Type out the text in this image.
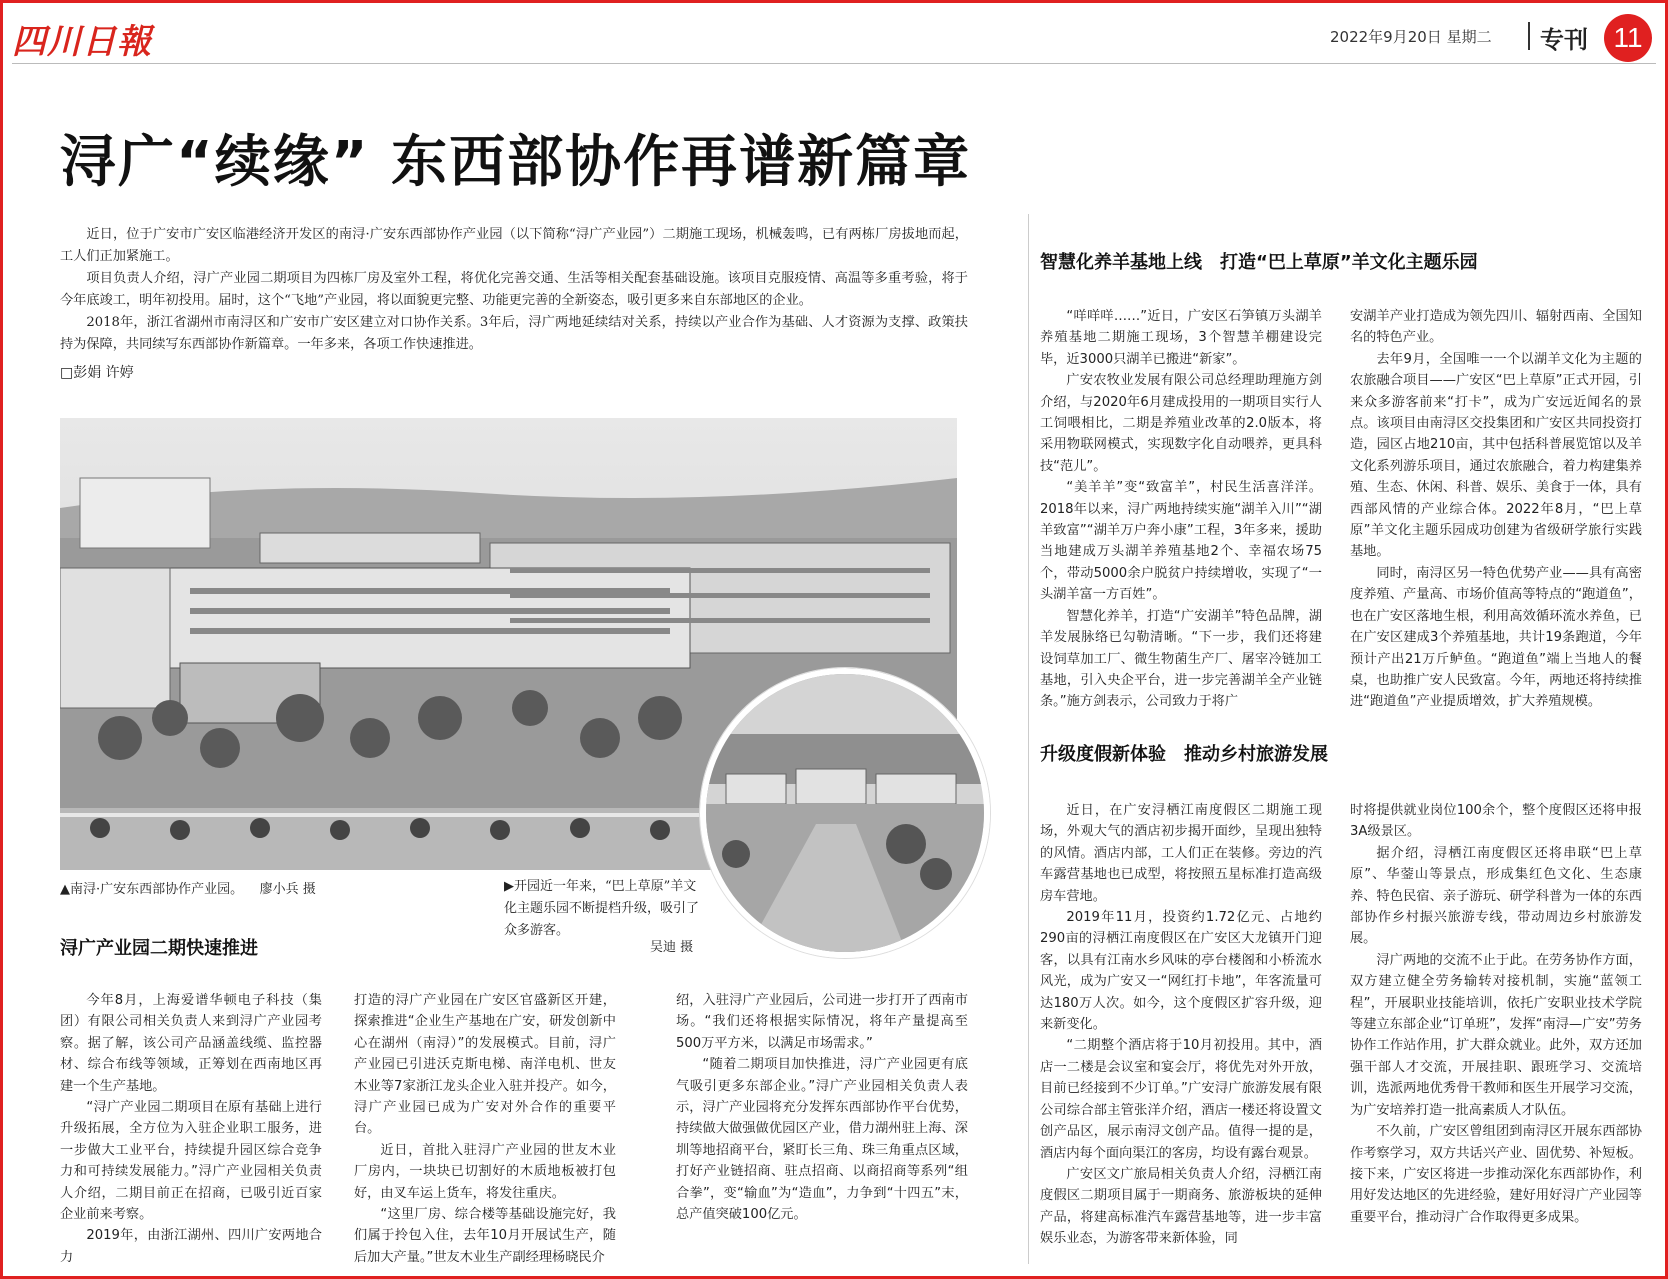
四川日報	2022年9月20日 星期二 专刊 11
浔广“续缘” 东西部协作再谱新篇章

近日，位于广安市广安区临港经济开发区的南浔·广安东西部协作产业园（以下简称“浔广产业园”）二期施工现场，机械轰鸣，已有两栋厂房拔地而起，工人们正加紧施工。

项目负责人介绍，浔广产业园二期项目为四栋厂房及室外工程，将优化完善交通、生活等相关配套基础设施。该项目克服疫情、高温等多重考验，将于今年底竣工，明年初投用。届时，这个“飞地”产业园，将以面貌更完整、功能更完善的全新姿态，吸引更多来自东部地区的企业。

2018年，浙江省湖州市南浔区和广安市广安区建立对口协作关系。3年后，浔广两地延续结对关系，持续以产业合作为基础、人才资源为支撑、政策扶持为保障，共同续写东西部协作新篇章。一年多来，各项工作快速推进。

□彭娟 许婷
▲南浔·广安东西部协作产业园。 廖小兵 摄	▶开园近一年来，“巴上草原”羊文化主题乐园不断提档升级，吸引了众多游客。
吴迪 摄
浔广产业园二期快速推进

今年8月，上海爱谱华顿电子科技（集团）有限公司相关负责人来到浔广产业园考察。据了解，该公司产品涵盖线缆、监控器材、综合布线等领域，正筹划在西南地区再建一个生产基地。

“浔广产业园二期项目在原有基础上进行升级拓展，全方位为入驻企业职工服务，进一步做大工业平台，持续提升园区综合竞争力和可持续发展能力。”浔广产业园相关负责人介绍，二期目前正在招商，已吸引近百家企业前来考察。

2019年，由浙江湖州、四川广安两地合力

打造的浔广产业园在广安区官盛新区开建，探索推进“企业生产基地在广安，研发创新中心在湖州（南浔）”的发展模式。目前，浔广产业园已引进沃克斯电梯、南洋电机、世友木业等7家浙江龙头企业入驻并投产。如今，浔广产业园已成为广安对外合作的重要平台。

近日，首批入驻浔广产业园的世友木业厂房内，一块块已切割好的木质地板被打包好，由叉车运上货车，将发往重庆。

“这里厂房、综合楼等基础设施完好，我们属于拎包入住，去年10月开展试生产，随后加大产量。”世友木业生产副经理杨晓民介

绍，入驻浔广产业园后，公司进一步打开了西南市场。“我们还将根据实际情况，将年产量提高至500万平方米，以满足市场需求。”

“随着二期项目加快推进，浔广产业园更有底气吸引更多东部企业。”浔广产业园相关负责人表示，浔广产业园将充分发挥东西部协作平台优势，持续做大做强做优园区产业，借力湖州驻上海、深圳等地招商平台，紧盯长三角、珠三角重点区域，打好产业链招商、驻点招商、以商招商等系列“组合拳”，变“输血”为“造血”，力争到“十四五”末，总产值突破100亿元。

智慧化养羊基地上线　打造“巴上草原”羊文化主题乐园

“咩咩咩……”近日，广安区石笋镇万头湖羊养殖基地二期施工现场，3个智慧羊棚建设完毕，近3000只湖羊已搬进“新家”。

广安农牧业发展有限公司总经理助理施方剑介绍，与2020年6月建成投用的一期项目实行人工饲喂相比，二期是养殖业改革的2.0版本，将采用物联网模式，实现数字化自动喂养，更具科技“范儿”。

“美羊羊”变“致富羊”，村民生活喜洋洋。2018年以来，浔广两地持续实施“湖羊入川”“湖羊致富”“湖羊万户奔小康”工程，3年多来，援助当地建成万头湖羊养殖基地2个、幸福农场75个，带动5000余户脱贫户持续增收，实现了“一头湖羊富一方百姓”。

智慧化养羊，打造“广安湖羊”特色品牌，湖羊发展脉络已勾勒清晰。“下一步，我们还将建设饲草加工厂、微生物菌生产厂、屠宰冷链加工基地，引入央企平台，进一步完善湖羊全产业链条。”施方剑表示，公司致力于将广

安湖羊产业打造成为领先四川、辐射西南、全国知名的特色产业。

去年9月，全国唯一一个以湖羊文化为主题的农旅融合项目——广安区“巴上草原”正式开园，引来众多游客前来“打卡”，成为广安远近闻名的景点。该项目由南浔区交投集团和广安区共同投资打造，园区占地210亩，其中包括科普展览馆以及羊文化系列游乐项目，通过农旅融合，着力构建集养殖、生态、休闲、科普、娱乐、美食于一体，具有西部风情的产业综合体。2022年8月，“巴上草原”羊文化主题乐园成功创建为省级研学旅行实践基地。

同时，南浔区另一特色优势产业——具有高密度养殖、产量高、市场价值高等特点的“跑道鱼”，也在广安区落地生根，利用高效循环流水养鱼，已在广安区建成3个养殖基地，共计19条跑道，今年预计产出21万斤鲈鱼。“跑道鱼”端上当地人的餐桌，也助推广安人民致富。今年，两地还将持续推进“跑道鱼”产业提质增效，扩大养殖规模。

升级度假新体验　推动乡村旅游发展

近日，在广安浔栖江南度假区二期施工现场，外观大气的酒店初步揭开面纱，呈现出独特的风情。酒店内部，工人们正在装修。旁边的汽车露营基地也已成型，将按照五星标准打造高级房车营地。

2019年11月，投资约1.72亿元、占地约290亩的浔栖江南度假区在广安区大龙镇开门迎客，以具有江南水乡风味的亭台楼阁和小桥流水风光，成为广安又一“网红打卡地”，年客流量可达180万人次。如今，这个度假区扩容升级，迎来新变化。

“二期整个酒店将于10月初投用。其中，酒店一二楼是会议室和宴会厅，将优先对外开放，目前已经接到不少订单。”广安浔广旅游发展有限公司综合部主管张洋介绍，酒店一楼还将设置文创产品区，展示南浔文创产品。值得一提的是，酒店内每个面向渠江的客房，均设有露台观景。

广安区文广旅局相关负责人介绍，浔栖江南度假区二期项目属于一期商务、旅游板块的延伸产品，将建高标准汽车露营基地等，进一步丰富娱乐业态，为游客带来新体验，同

时将提供就业岗位100余个，整个度假区还将申报3A级景区。

据介绍，浔栖江南度假区还将串联“巴上草原”、华蓥山等景点，形成集红色文化、生态康养、特色民宿、亲子游玩、研学科普为一体的东西部协作乡村振兴旅游专线，带动周边乡村旅游发展。

浔广两地的交流不止于此。在劳务协作方面，双方建立健全劳务输转对接机制，实施“蓝领工程”，开展职业技能培训，依托广安职业技术学院等建立东部企业“订单班”，发挥“南浔—广安”劳务协作工作站作用，扩大群众就业。此外，双方还加强干部人才交流，开展挂职、跟班学习、交流培训，选派两地优秀骨干教师和医生开展学习交流，为广安培养打造一批高素质人才队伍。

不久前，广安区曾组团到南浔区开展东西部协作考察学习，双方共话兴产业、固优势、补短板。接下来，广安区将进一步推动深化东西部协作，利用好发达地区的先进经验，建好用好浔广产业园等重要平台，推动浔广合作取得更多成果。
